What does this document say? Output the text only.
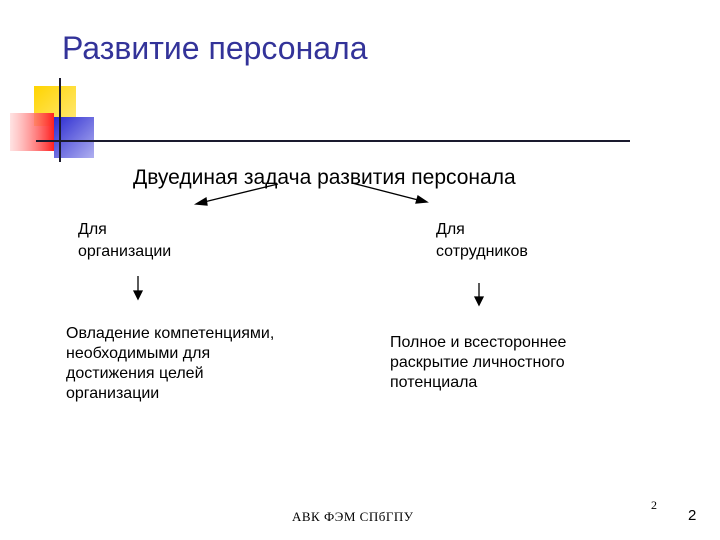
Развитие персонала
Двуединая задача развития персонала
Для
организации
Для
сотрудников
Овладение компетенциями,
необходимыми для
достижения целей
организации
Полное и всестороннее
раскрытие личностного
потенциала
АВК ФЭМ СПбГПУ
2
2
